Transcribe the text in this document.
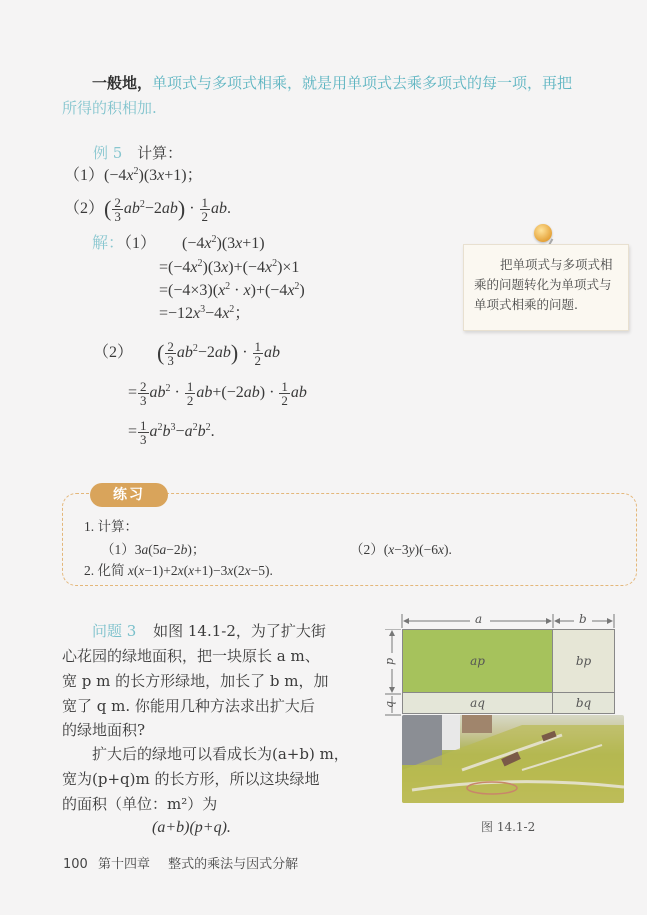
一般地，单项式与多项式相乘，就是用单项式去乘多项式的每一项，再把
所得的积相加.
例 5 计算：
$(1)(-4x^2)(3x+1)$；
$(2)( \frac{2}{3} ab^2-2ab) \cdot \frac{1}{2}$ ab.
解：（1） $(-4x^2)(3x+1)$
$=(-4x^2)(3x)+(-4x^2)\times 1$
$=(-4\times 3)(x^2 \cdot x)+(-4x^2)$
$=-12x^3-4x^2$；
把单项式与多项式相乘的问题转化为单项式与单项式相乘的问题.
（2） ( $\frac{2}{3} ab^2-2ab) \cdot \frac{1}{2}$ ab
= $\frac{2}{3} ab^2 \cdot \frac{1}{2} ab+(-2ab) \cdot \frac{1}{2}$ ab
= $\frac{1}{3} a^2b^3-a^2b^2$.
练习
1. 计算：
（1）3a(5a−2b)；	（2）(x−3y)(−6x).
2. 化简 x(x−1)+2x(x+1)−3x(2x−5).
问题 3 如图 14.1-2，为了扩大街
心花园的绿地面积，把一块原长 a m、
宽 p m 的长方形绿地，加长了 b m，加
宽了 q m. 你能用几种方法求出扩大后
的绿地面积?
扩大后的绿地可以看成长为(a+b) m，
宽为(p+q)m 的长方形，所以这块绿地
的面积（单位：m²）为
(a+b)(p+q).
a	b
p
q
ap	bp
aq	bq
图 14.1-2
100 第十四章 整式的乘法与因式分解
